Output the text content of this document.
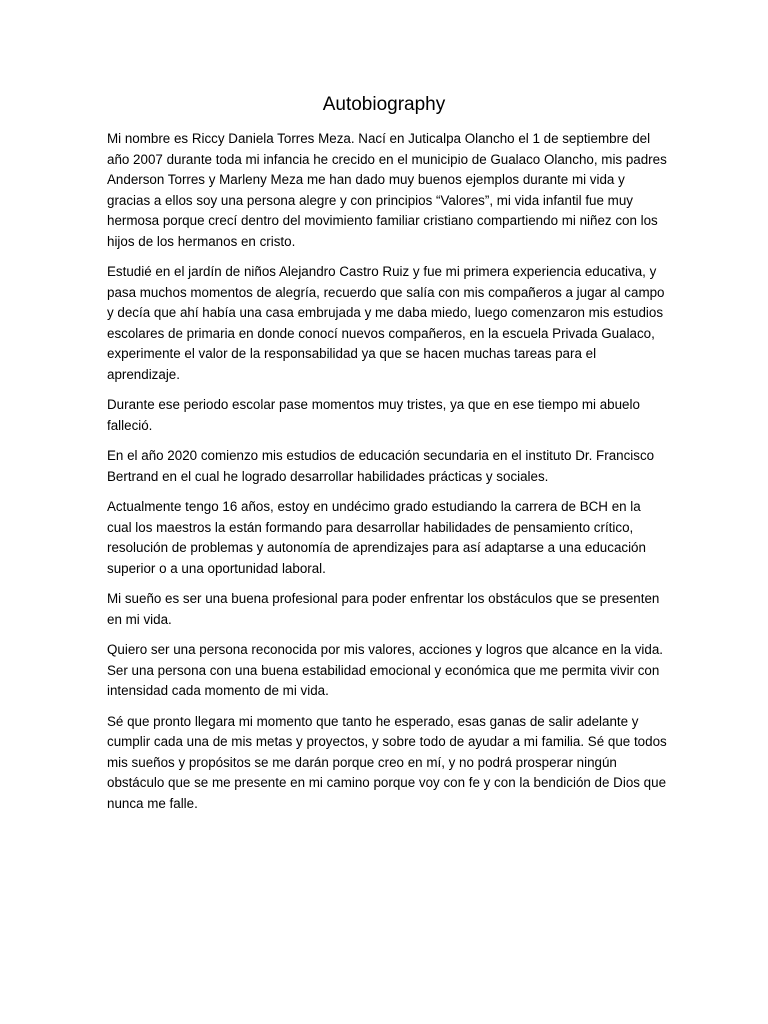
Autobiography

Mi nombre es Riccy Daniela Torres Meza. Nací en Juticalpa Olancho el 1 de septiembre del año 2007 durante toda mi infancia he crecido en el municipio de Gualaco Olancho, mis padres Anderson Torres y Marleny Meza me han dado muy buenos ejemplos durante mi vida y gracias a ellos soy una persona alegre y con principios “Valores”, mi vida infantil fue muy hermosa porque crecí dentro del movimiento familiar cristiano compartiendo mi niñez con los hijos de los hermanos en cristo.

Estudié en el jardín de niños Alejandro Castro Ruiz y fue mi primera experiencia educativa, y pasa muchos momentos de alegría, recuerdo que salía con mis compañeros a jugar al campo y decía que ahí había una casa embrujada y me daba miedo, luego comenzaron mis estudios escolares de primaria en donde conocí nuevos compañeros, en la escuela Privada Gualaco, experimente el valor de la responsabilidad ya que se hacen muchas tareas para el aprendizaje.

Durante ese periodo escolar pase momentos muy tristes, ya que en ese tiempo mi abuelo falleció.

En el año 2020 comienzo mis estudios de educación secundaria en el instituto Dr. Francisco Bertrand en el cual he logrado desarrollar habilidades prácticas y sociales.

Actualmente tengo 16 años, estoy en undécimo grado estudiando la carrera de BCH en la cual los maestros la están formando para desarrollar habilidades de pensamiento crítico, resolución de problemas y autonomía de aprendizajes para así adaptarse a una educación superior o a una oportunidad laboral.

Mi sueño es ser una buena profesional para poder enfrentar los obstáculos que se presenten en mi vida.

Quiero ser una persona reconocida por mis valores, acciones y logros que alcance en la vida. Ser una persona con una buena estabilidad emocional y económica que me permita vivir con intensidad cada momento de mi vida.

Sé que pronto llegara mi momento que tanto he esperado, esas ganas de salir adelante y cumplir cada una de mis metas y proyectos, y sobre todo de ayudar a mi familia. Sé que todos mis sueños y propósitos se me darán porque creo en mí, y no podrá prosperar ningún obstáculo que se me presente en mi camino porque voy con fe y con la bendición de Dios que nunca me falle.
